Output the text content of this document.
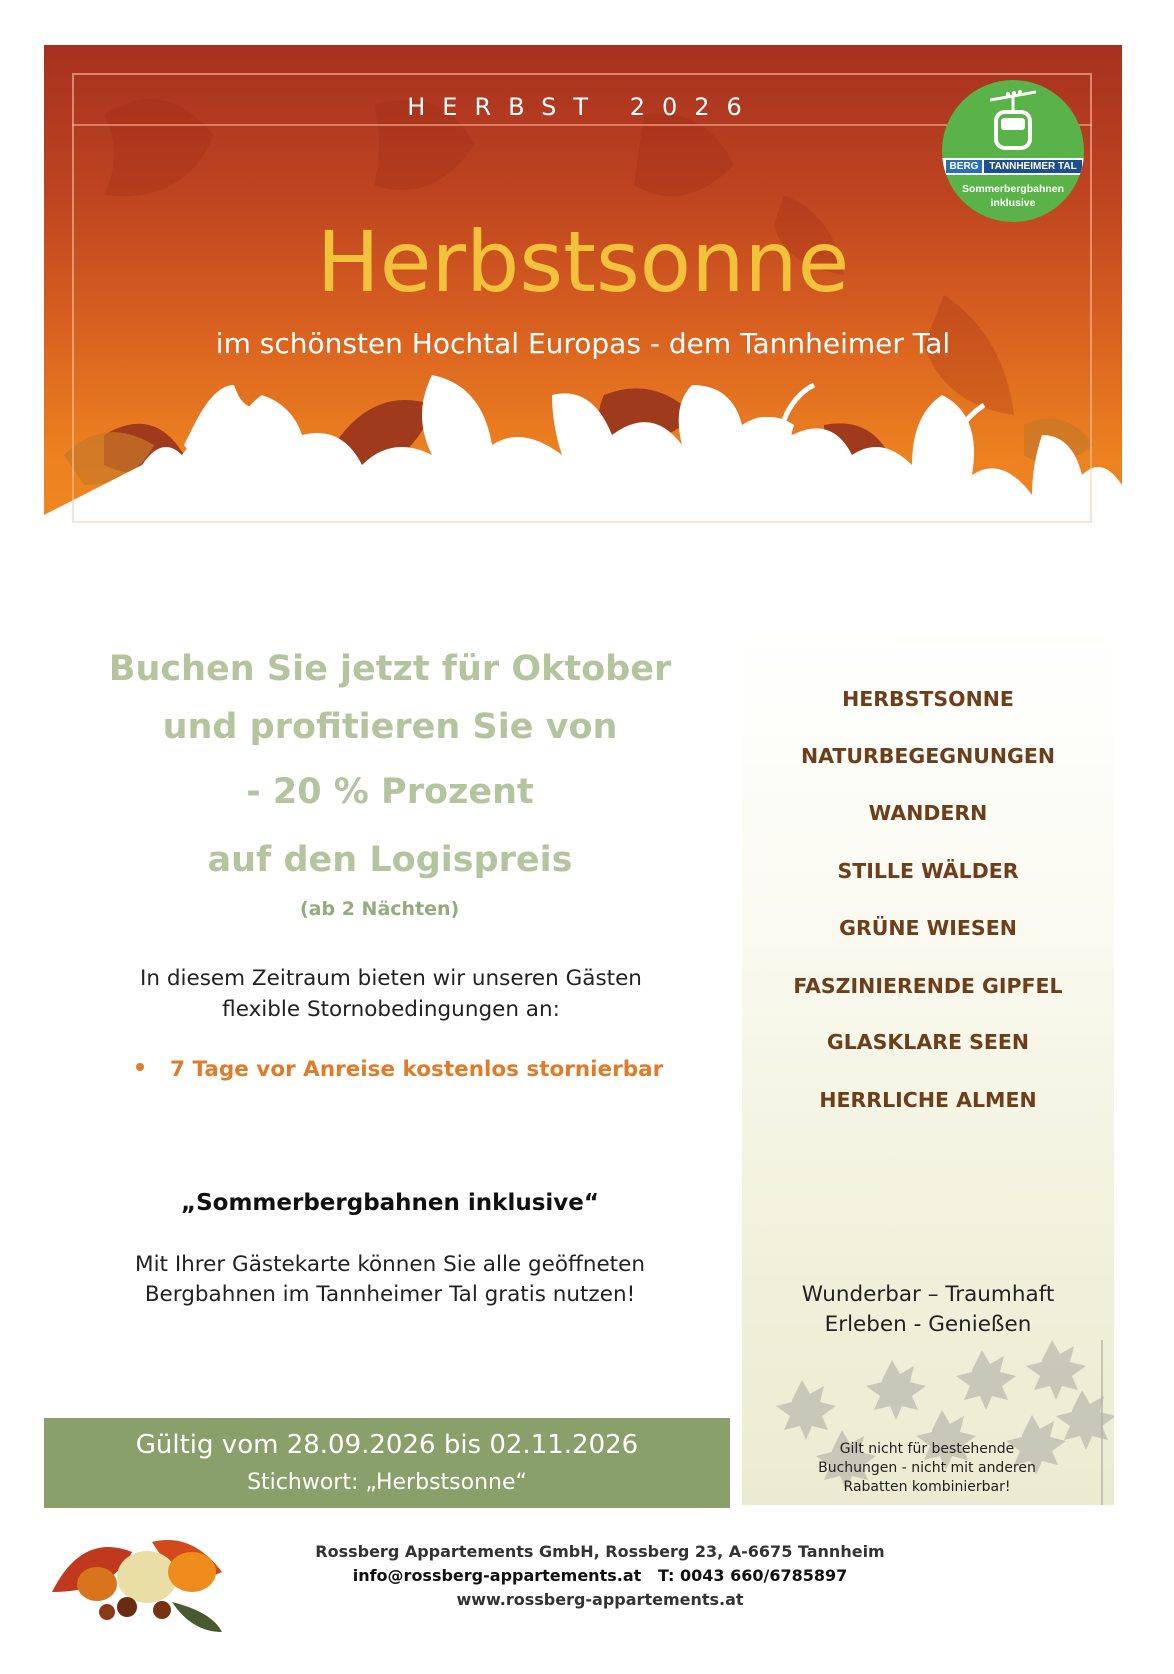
HERBST 2026
Herbstsonne
im schönsten Hochtal Europas - dem Tannheimer Tal
BERG	TANNHEIMER TAL
Sommerbergbahnen
inklusive
Buchen Sie jetzt für Oktober
und profitieren Sie von
- 20 % Prozent
auf den Logispreis
(ab 2 Nächten)
In diesem Zeitraum bieten wir unseren Gästen
flexible Stornobedingungen an:
7 Tage vor Anreise kostenlos stornierbar
„Sommerbergbahnen inklusive“
Mit Ihrer Gästekarte können Sie alle geöffneten
Bergbahnen im Tannheimer Tal gratis nutzen!
HERBSTSONNE
NATURBEGEGNUNGEN
WANDERN
STILLE WÄLDER
GRÜNE WIESEN
FASZINIERENDE GIPFEL
GLASKLARE SEEN
HERRLICHE ALMEN
Wunderbar – Traumhaft
Erleben - Genießen
Gilt nicht für bestehende
Buchungen - nicht mit anderen
Rabatten kombinierbar!
Gültig vom 28.09.2026 bis 02.11.2026
Stichwort: „Herbstsonne“
Rossberg Appartements GmbH, Rossberg 23, A-6675 Tannheim
info@rossberg-appartements.at T: 0043 660/6785897
www.rossberg-appartements.at
